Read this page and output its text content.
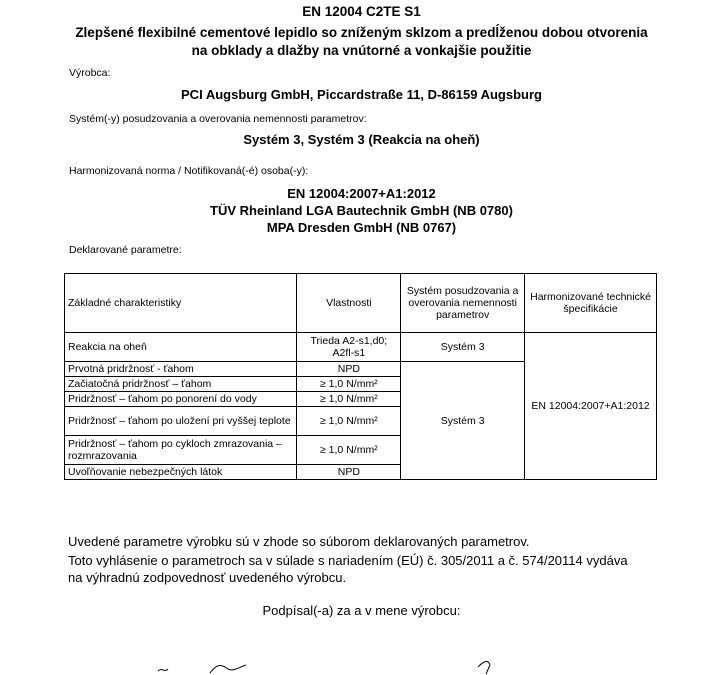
EN 12004 C2TE S1
Zlepšené flexibilné cementové lepidlo so zníženým sklzom a predĺženou dobou otvorenia
na obklady a dlažby na vnútorné a vonkajšie použitie
Výrobca:
PCI Augsburg GmbH, Piccardstraße 11, D-86159 Augsburg
Systém(-y) posudzovania a overovania nemennosti parametrov:
Systém 3, Systém 3 (Reakcia na oheň)
Harmonizovaná norma / Notifikovaná(-é) osoba(-y):
EN 12004:2007+A1:2012
TÜV Rheinland LGA Bautechnik GmbH (NB 0780)
MPA Dresden GmbH (NB 0767)
Deklarované parametre:
Základné charakteristiky	Vlastnosti	Systém posudzovania a overovania nemennosti parametrov	Harmonizované technické špecifikácie
Reakcia na oheň	Trieda A2-s1,d0; A2fl-s1	Systém 3	EN 12004:2007+A1:2012
Prvotná pridržnosť - ťahom	NPD	Systém 3	
Začiatočná pridržnosť – ťahom	≥ 1,0 N/mm²		
Pridržnosť – ťahom po ponorení do vody	≥ 1,0 N/mm²		
Pridržnosť – ťahom po uložení pri vyššej teplote	≥ 1,0 N/mm²		
Pridržnosť – ťahom po cykloch zmrazovania – rozmrazovania	≥ 1,0 N/mm²		
Uvoľňovanie nebezpečných látok	NPD		
Uvedené parametre výrobku sú v zhode so súborom deklarovaných parametrov.
Toto vyhlásenie o parametroch sa v súlade s nariadením (EÚ) č. 305/2011 a č. 574/20114 vydáva
na výhradnú zodpovednosť uvedeného výrobcu.
Podpísal(-a) za a v mene výrobcu:
